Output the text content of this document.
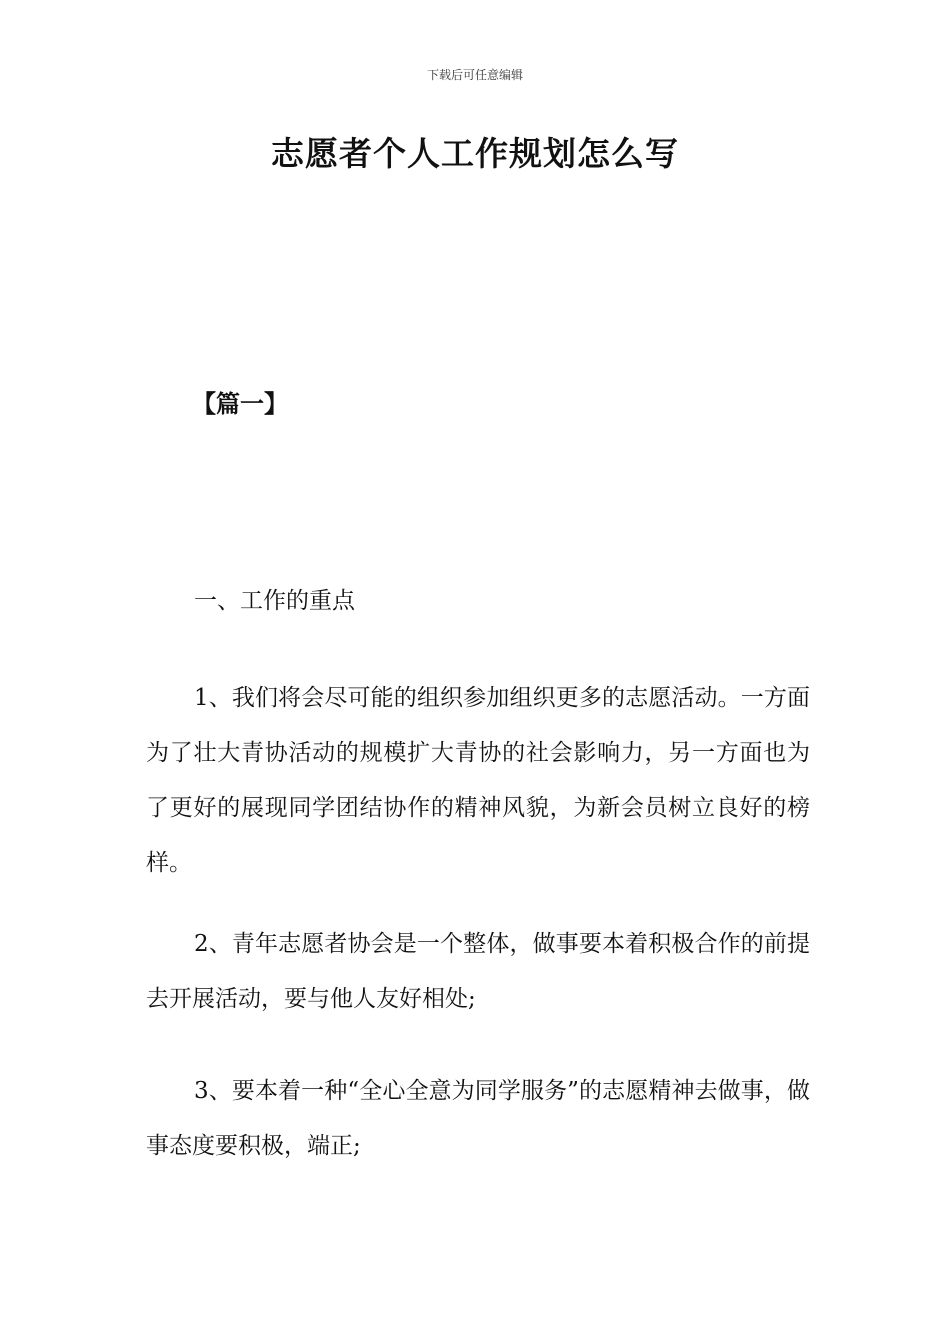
下载后可任意编辑
志愿者个人工作规划怎么写
【篇一】
一、工作的重点
1、我们将会尽可能的组织参加组织更多的志愿活动。一方面为了壮大青协活动的规模扩大青协的社会影响力，另一方面也为了更好的展现同学团结协作的精神风貌，为新会员树立良好的榜样。
2、青年志愿者协会是一个整体，做事要本着积极合作的前提去开展活动，要与他人友好相处;
3、要本着一种“全心全意为同学服务”的志愿精神去做事，做事态度要积极，端正;
